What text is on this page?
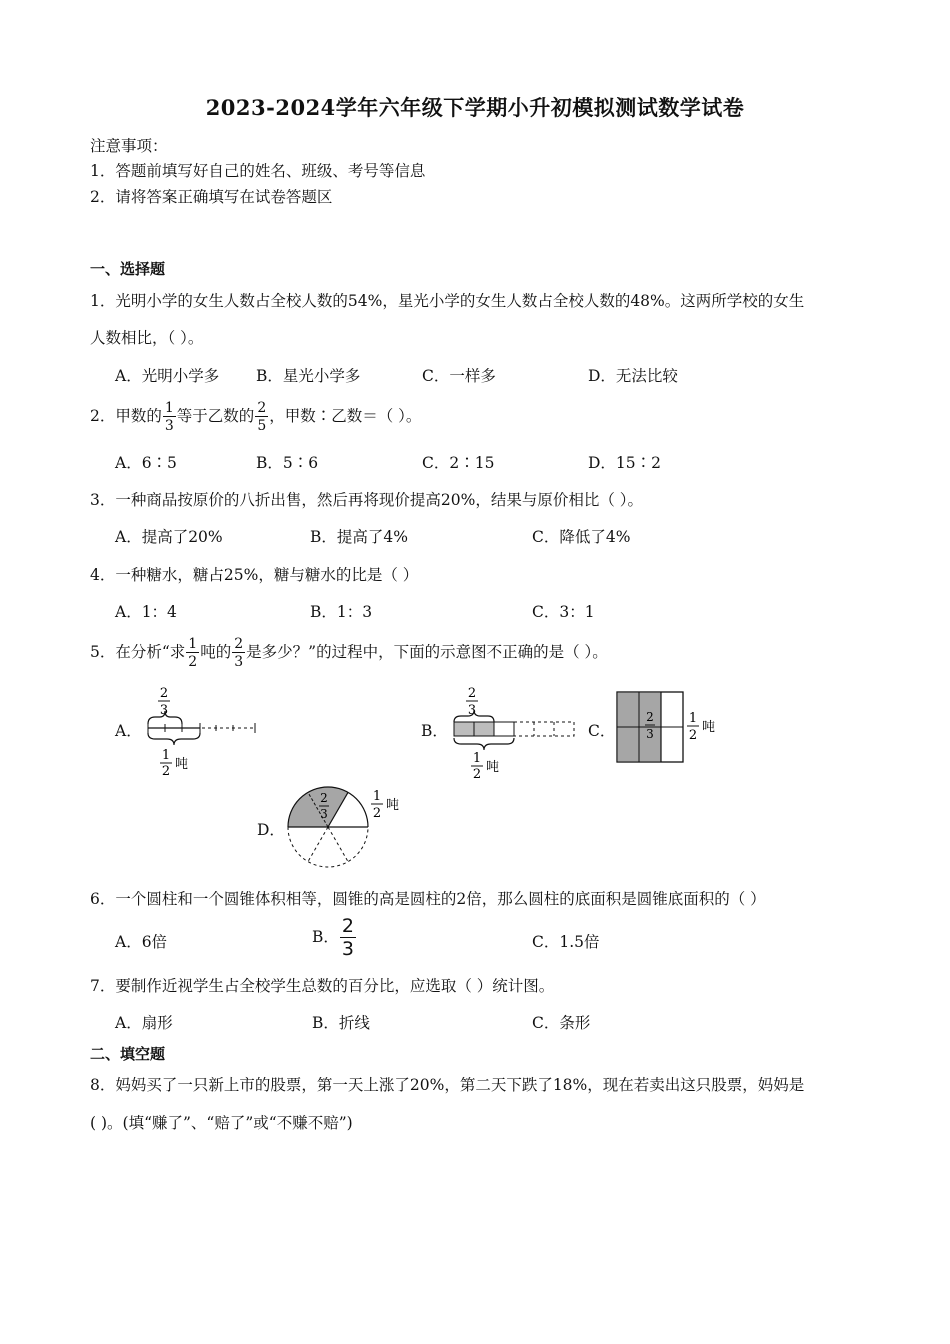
2023-2024学年六年级下学期小升初模拟测试数学试卷
注意事项：
1．答题前填写好自己的姓名、班级、考号等信息
2．请将答案正确填写在试卷答题区
一、选择题
1．光明小学的女生人数占全校人数的54%，星光小学的女生人数占全校人数的48%。这两所学校的女生
人数相比，（ ）。
A．光明小学多 B．星光小学多	C．一样多	D．无法比较
2．甲数的 $\frac{1}{3}$ 等于乙数的 $\frac{2}{5}$ ，甲数∶乙数＝（ ）。
A．6∶5	B．5∶6	C．2∶15	D．15∶2
3．一种商品按原价的八折出售，然后再将现价提高20%，结果与原价相比（ ）。
A．提高了20%	B．提高了4%	C．降低了4%
4．一种糖水，糖占25%，糖与糖水的比是（ ）
A．1：4	B．1：3	C．3：1
5．在分析“求 $\frac{1}{2}$ 吨的 $\frac{2}{3}$ 是多少？”的过程中，下面的示意图不正确的是（ ）。
A．	B．	C．
D．
2
3
1
2 吨
2
3
1
2 吨
2
3
1
2
吨
2
3
1
2
吨
6．一个圆柱和一个圆锥体积相等，圆锥的高是圆柱的2倍，那么圆柱的底面积是圆锥底面积的（ ）
A．6倍	B． $\frac{2}{3}$	C．1.5倍
7．要制作近视学生占全校学生总数的百分比，应选取（ ）统计图。
A．扇形	B．折线	C．条形
二、填空题
8．妈妈买了一只新上市的股票，第一天上涨了20%，第二天下跌了18%，现在若卖出这只股票，妈妈是
( )。(填“赚了”、“赔了”或“不赚不赔”)
